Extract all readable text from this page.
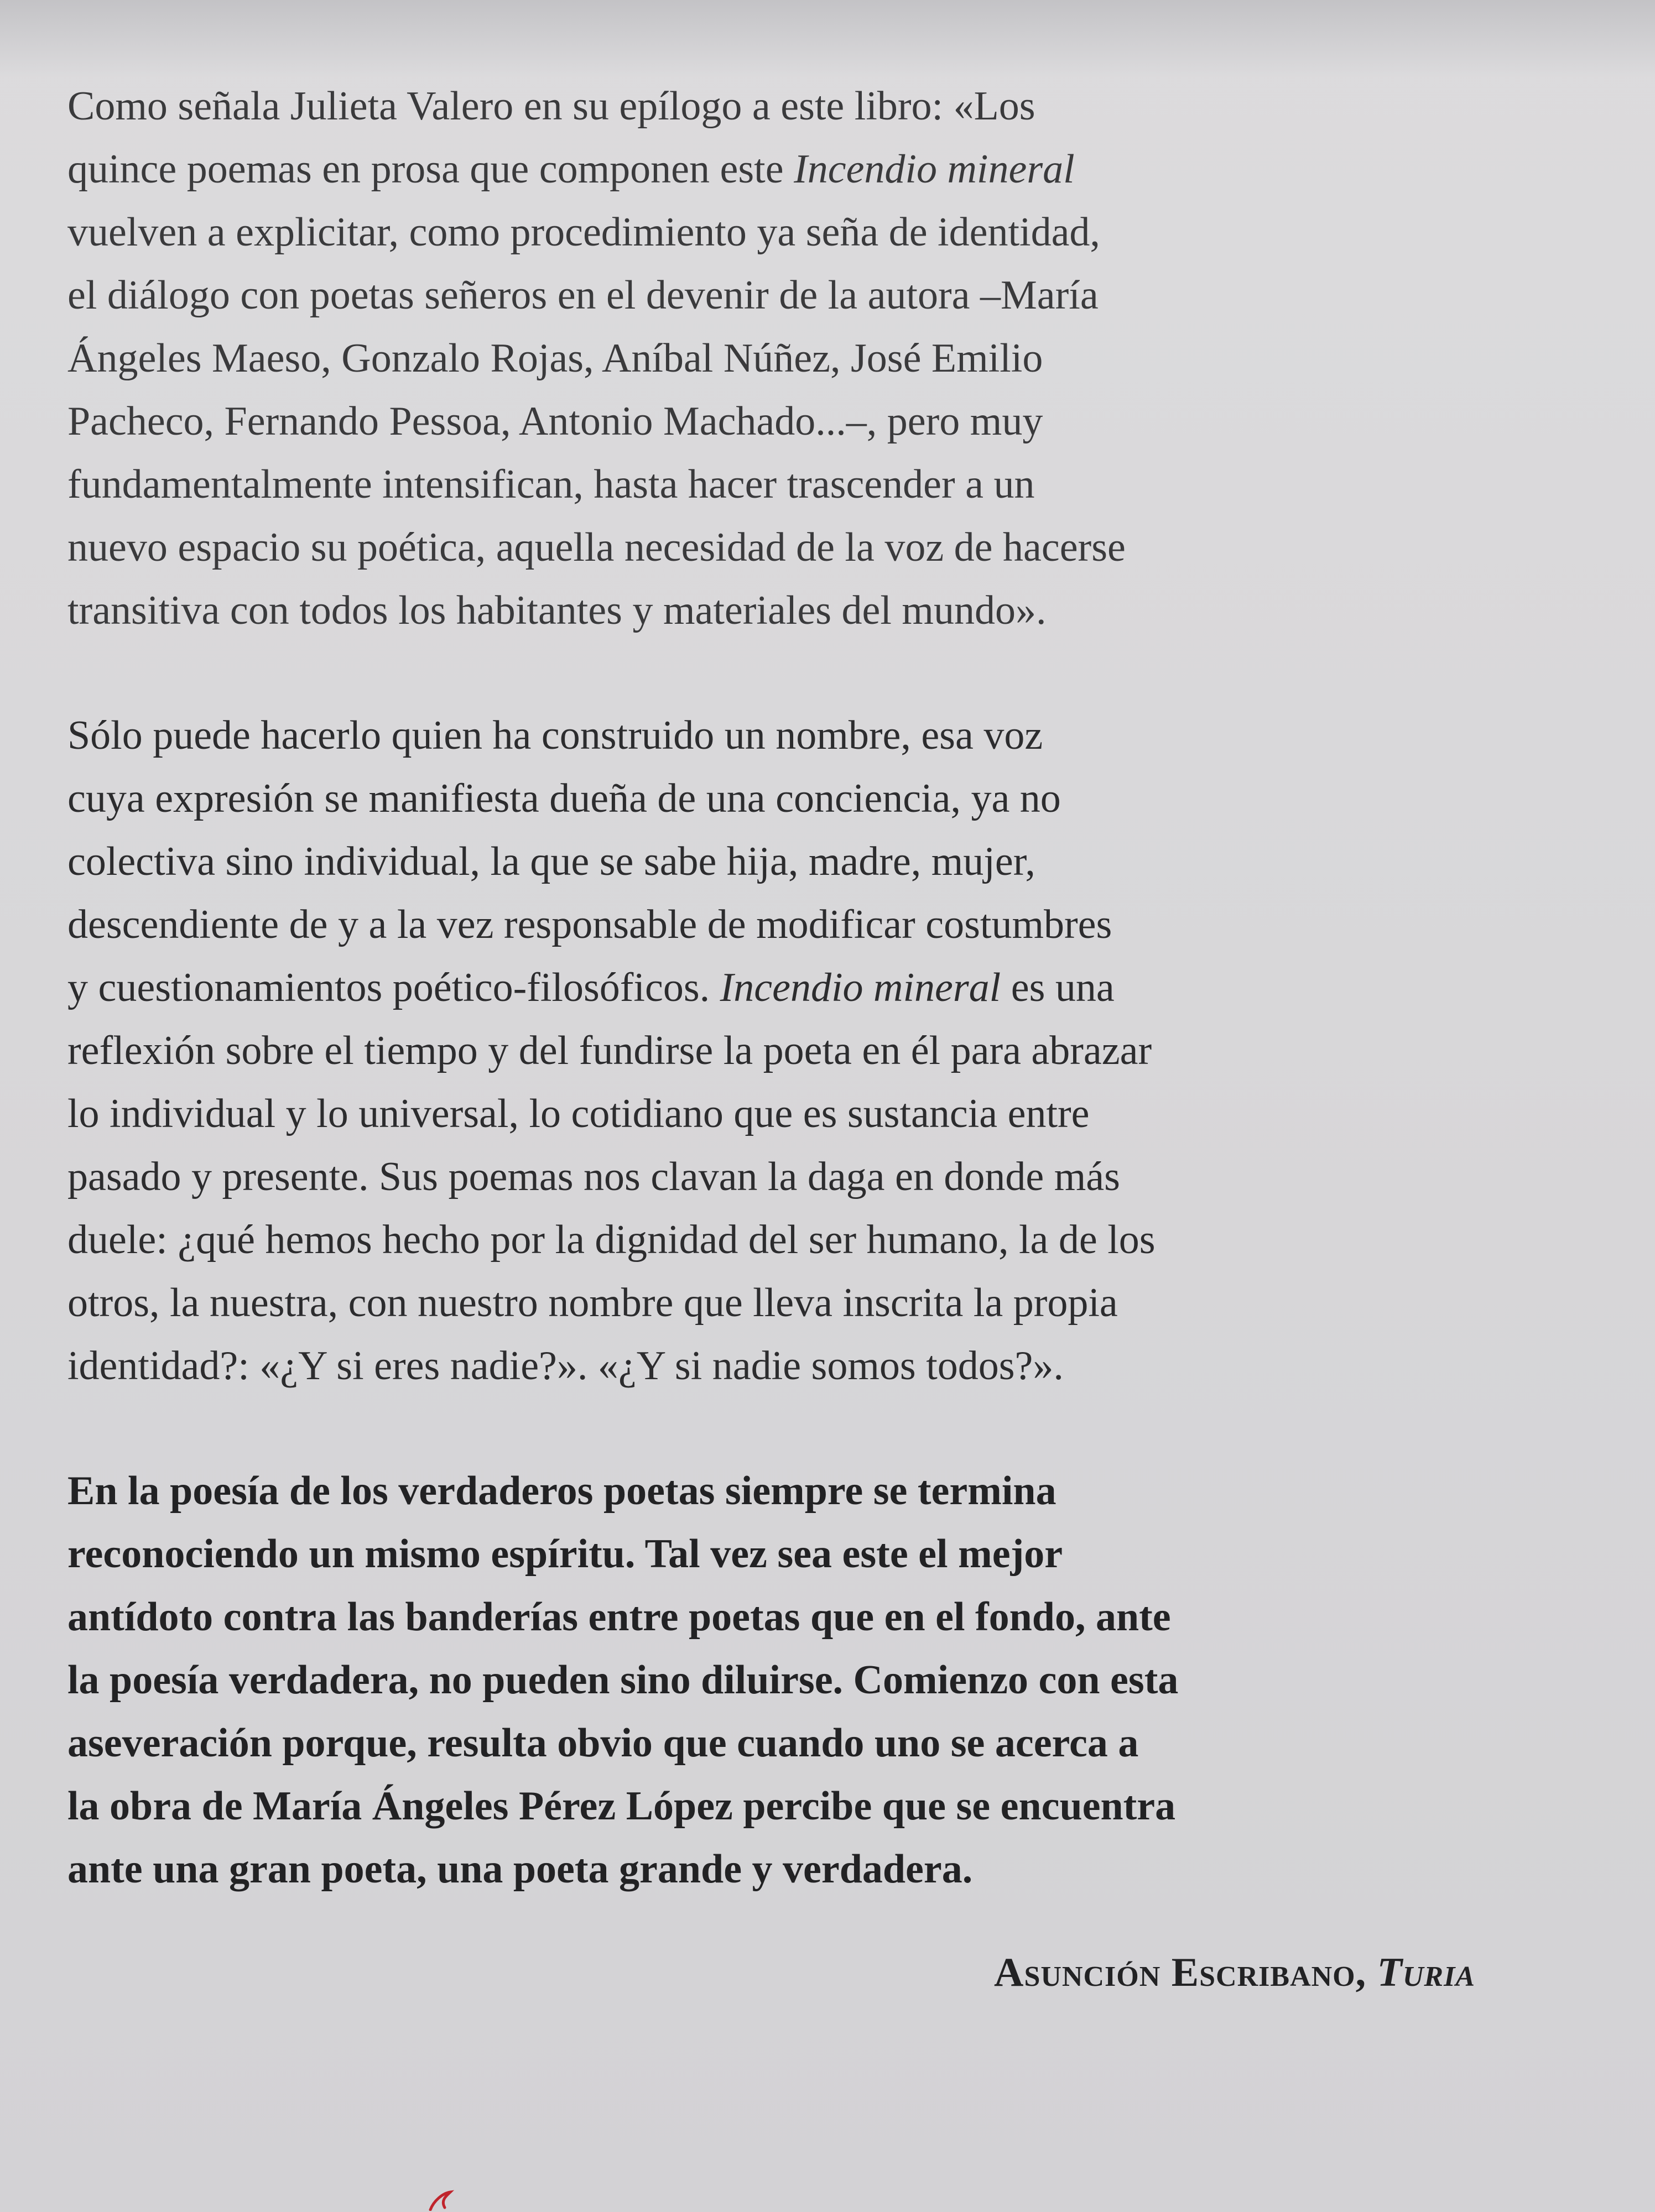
Como señala Julieta Valero en su epílogo a este libro: «Los
quince poemas en prosa que componen este Incendio mineral
vuelven a explicitar, como procedimiento ya seña de identidad,
el diálogo con poetas señeros en el devenir de la autora –María
Ángeles Maeso, Gonzalo Rojas, Aníbal Núñez, José Emilio
Pacheco, Fernando Pessoa, Antonio Machado...–, pero muy
fundamentalmente intensifican, hasta hacer trascender a un
nuevo espacio su poética, aquella necesidad de la voz de hacerse
transitiva con todos los habitantes y materiales del mundo».

Sólo puede hacerlo quien ha construido un nombre, esa voz
cuya expresión se manifiesta dueña de una conciencia, ya no
colectiva sino individual, la que se sabe hija, madre, mujer,
descendiente de y a la vez responsable de modificar costumbres
y cuestionamientos poético-filosóficos. Incendio mineral es una
reflexión sobre el tiempo y del fundirse la poeta en él para abrazar
lo individual y lo universal, lo cotidiano que es sustancia entre
pasado y presente. Sus poemas nos clavan la daga en donde más
duele: ¿qué hemos hecho por la dignidad del ser humano, la de los
otros, la nuestra, con nuestro nombre que lleva inscrita la propia
identidad?: «¿Y si eres nadie?». «¿Y si nadie somos todos?».

En la poesía de los verdaderos poetas siempre se termina
reconociendo un mismo espíritu. Tal vez sea este el mejor
antídoto contra las banderías entre poetas que en el fondo, ante
la poesía verdadera, no pueden sino diluirse. Comienzo con esta
aseveración porque, resulta obvio que cuando uno se acerca a
la obra de María Ángeles Pérez López percibe que se encuentra
ante una gran poeta, una poeta grande y verdadera.

Asunción Escribano, Turia
